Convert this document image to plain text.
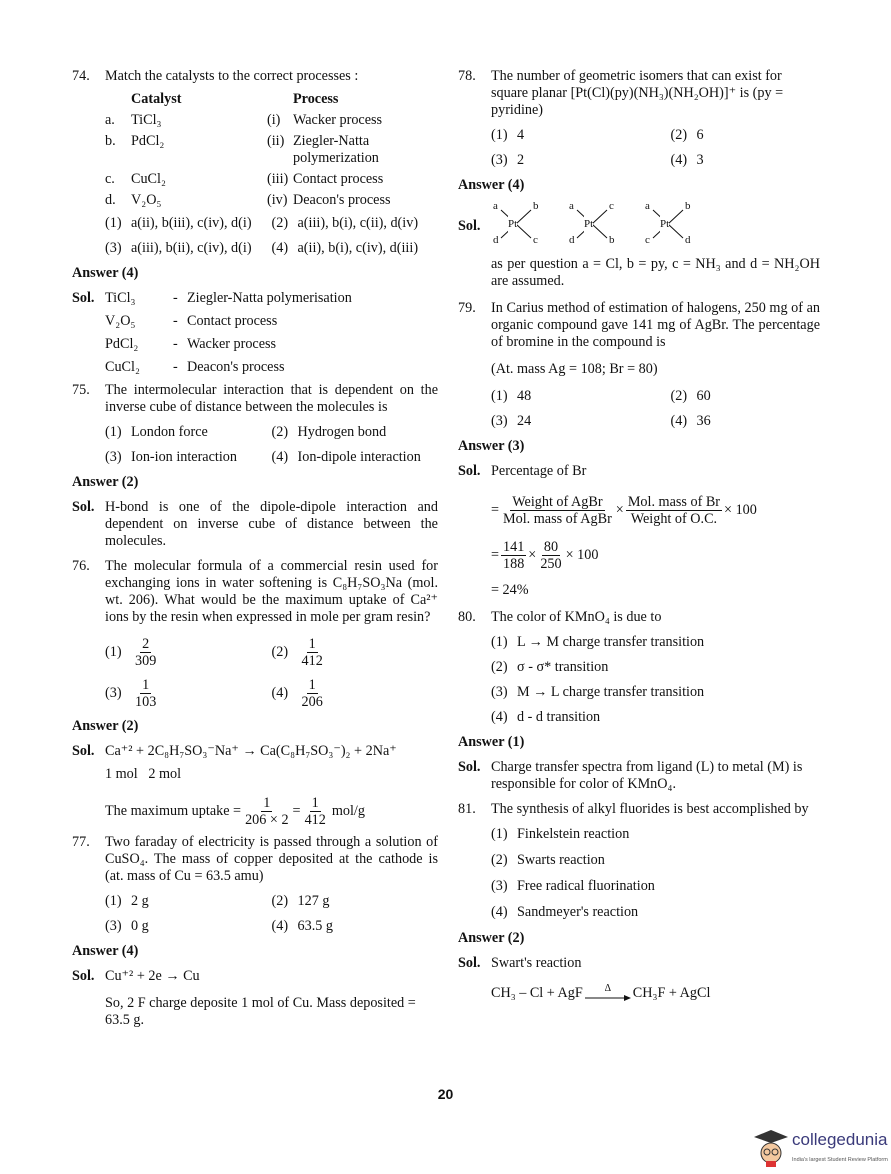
74. Match the catalysts to the correct processes :
Catalyst	Process
a.	TiCl₃	(i) Wacker process
b.	PdCl₂	(ii) Ziegler-Natta polymerization
c.	CuCl₂	(iii) Contact process
d.	V₂O₅	(iv) Deacon's process
(1) a(ii), b(iii), c(iv), d(i) (2) a(iii), b(i), c(ii), d(iv)
(3) a(iii), b(ii), c(iv), d(i) (4) a(ii), b(i), c(iv), d(iii)
Answer (4)
Sol. TiCl₃	- Ziegler-Natta polymerisation
V₂O₅	- Contact process
PdCl₂	- Wacker process
CuCl₂	- Deacon's process
75. The intermolecular interaction that is dependent on the inverse cube of distance between the molecules is
(1) London force	(2) Hydrogen bond
(3) Ion-ion interaction (4) Ion-dipole interaction
Answer (2)
Sol. H-bond is one of the dipole-dipole interaction and dependent on inverse cube of distance between the molecules.
76. The molecular formula of a commercial resin used for exchanging ions in water softening is C₈H₇SO₃Na (mol. wt. 206). What would be the maximum uptake of Ca²⁺ ions by the resin when expressed in mole per gram resin?
$(1) \frac{2}{309}$	$(2) \frac{1}{412}$
$(3) \frac{1}{103}$	$(4) \frac{1}{206}$
Answer (2)
Sol. Ca⁺² + 2C₈H₇SO₃⁻Na⁺ → Ca(C₈H₇SO₃⁻)₂ + 2Na⁺
1 mol 2 mol
The maximum uptake = $\frac{1}{206 \times 2} = \frac{1}{412} mol/g$
77. Two faraday of electricity is passed through a solution of CuSO₄. The mass of copper deposited at the cathode is (at. mass of Cu = 63.5 amu)
(1) 2 g	(2) 127 g
(3) 0 g	(4) 63.5 g
Answer (4)
Sol. Cu⁺² + 2e → Cu
So, 2 F charge deposite 1 mol of Cu. Mass deposited = 63.5 g.
78. The number of geometric isomers that can exist for square planar [Pt(Cl)(py)(NH₃)(NH₂OH)]⁺ is (py = pyridine)
(1) 4	(2) 6
(3) 2	(4) 3
Answer (4)
Sol.
a	b
d	c
Pt
a	c
d	b
Pt
a	b
c	d
Pt
as per question a = Cl, b = py, c = NH₃ and d = NH₂OH are assumed.
79. In Carius method of estimation of halogens, 250 mg of an organic compound gave 141 mg of AgBr. The percentage of bromine in the compound is
(At. mass Ag = 108; Br = 80)
(1) 48	(2) 60
(3) 24	(4) 36
Answer (3)
Sol. Percentage of Br
= $\frac{\text{Weight of AgBr}}{\text{Mol. mass of AgBr}} \times \frac{\text{Mol. mass of Br}}{\text{Weight of O.C.}} \times 100$
= $\frac{141}{188} \times \frac{80}{250} \times 100$
= 24%
80. The color of KMnO₄ is due to
(1) L → M charge transfer transition
(2) σ - σ* transition
(3) M → L charge transfer transition
(4) d - d transition
Answer (1)
Sol. Charge transfer spectra from ligand (L) to metal (M) is responsible for color of KMnO₄.
81. The synthesis of alkyl fluorides is best accomplished by
(1) Finkelstein reaction
(2) Swarts reaction
(3) Free radical fluorination
(4) Sandmeyer's reaction
Answer (2)
Sol. Swart's reaction
CH₃ – Cl + AgF Δ CH₃F + AgCl
20
collegedunia
India's largest Student Review Platform
